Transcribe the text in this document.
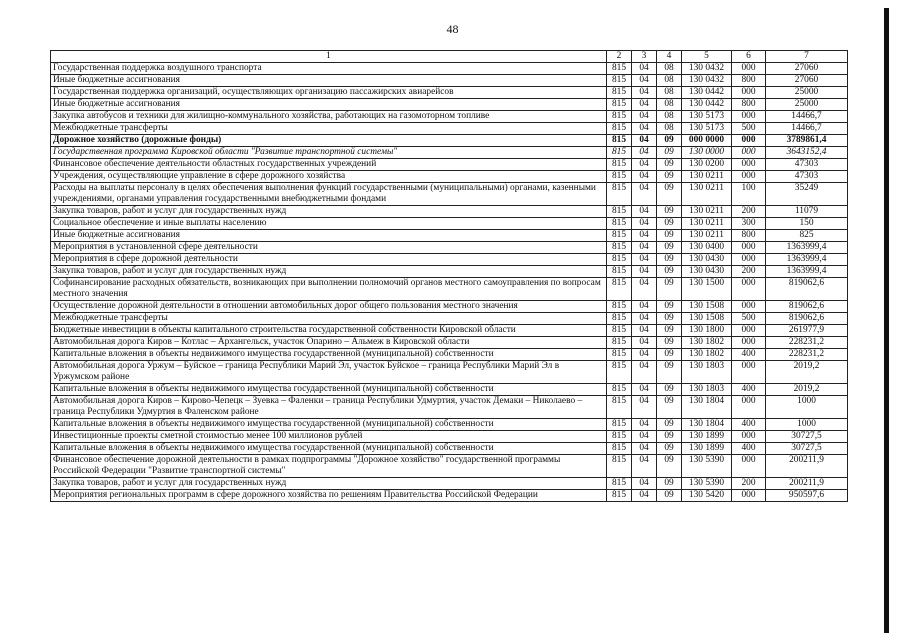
48
1	2	3	4	5	6	7
Государственная поддержка воздушного транспорта	815	04	08	130 0432	000	27060
Иные бюджетные ассигнования	815	04	08	130 0432	800	27060
Государственная поддержка организаций, осуществляющих организацию пассажирских авиарейсов	815	04	08	130 0442	000	25000
Иные бюджетные ассигнования	815	04	08	130 0442	800	25000
Закупка автобусов и техники для жилищно-коммунального хозяйства, работающих на газомоторном топливе	815	04	08	130 5173	000	14466,7
Межбюджетные трансферты	815	04	08	130 5173	500	14466,7
Дорожное хозяйство (дорожные фонды)	815	04	09	000 0000	000	3789861,4
Государственная программа Кировской области "Развитие транспортной системы"	815	04	09	130 0000	000	3643152,4
Финансовое обеспечение деятельности областных государственных учреждений	815	04	09	130 0200	000	47303
Учреждения, осуществляющие управление в сфере дорожного хозяйства	815	04	09	130 0211	000	47303
Расходы на выплаты персоналу в целях обеспечения выполнения функций государственными (муниципальными) органами, казенными учреждениями, органами управления государственными внебюджетными фондами	815	04	09	130 0211	100	35249
Закупка товаров, работ и услуг для государственных нужд	815	04	09	130 0211	200	11079
Социальное обеспечение и иные выплаты населению	815	04	09	130 0211	300	150
Иные бюджетные ассигнования	815	04	09	130 0211	800	825
Мероприятия в установленной сфере деятельности	815	04	09	130 0400	000	1363999,4
Мероприятия в сфере дорожной деятельности	815	04	09	130 0430	000	1363999,4
Закупка товаров, работ и услуг для государственных нужд	815	04	09	130 0430	200	1363999,4
Софинансирование расходных обязательств, возникающих при выполнении полномочий органов местного самоуправления по вопросам местного значения	815	04	09	130 1500	000	819062,6
Осуществление дорожной деятельности в отношении автомобильных дорог общего пользования местного значения	815	04	09	130 1508	000	819062,6
Межбюджетные трансферты	815	04	09	130 1508	500	819062,6
Бюджетные инвестиции в объекты капитального строительства государственной собственности Кировской области	815	04	09	130 1800	000	261977,9
Автомобильная дорога Киров – Котлас – Архангельск, участок Опарино – Альмеж в Кировской области	815	04	09	130 1802	000	228231,2
Капитальные вложения в объекты недвижимого имущества государственной (муниципальной) собственности	815	04	09	130 1802	400	228231,2
Автомобильная дорога Уржум – Буйское – граница Республики Марий Эл, участок Буйское – граница Республики Марий Эл в Уржумском районе	815	04	09	130 1803	000	2019,2
Капитальные вложения в объекты недвижимого имущества государственной (муниципальной) собственности	815	04	09	130 1803	400	2019,2
Автомобильная дорога Киров – Кирово-Чепецк – Зуевка – Фаленки – граница Республики Удмуртия, участок Демаки – Николаево – граница Республики Удмуртия в Фаленском районе	815	04	09	130 1804	000	1000
Капитальные вложения в объекты недвижимого имущества государственной (муниципальной) собственности	815	04	09	130 1804	400	1000
Инвестиционные проекты сметной стоимостью менее 100 миллионов рублей	815	04	09	130 1899	000	30727,5
Капитальные вложения в объекты недвижимого имущества государственной (муниципальной) собственности	815	04	09	130 1899	400	30727,5
Финансовое обеспечение дорожной деятельности в рамках подпрограммы "Дорожное хозяйство" государственной программы Российской Федерации "Развитие транспортной системы"	815	04	09	130 5390	000	200211,9
Закупка товаров, работ и услуг для государственных нужд	815	04	09	130 5390	200	200211,9
Мероприятия региональных программ в сфере дорожного хозяйства по решениям Правительства Российской Федерации	815	04	09	130 5420	000	950597,6
